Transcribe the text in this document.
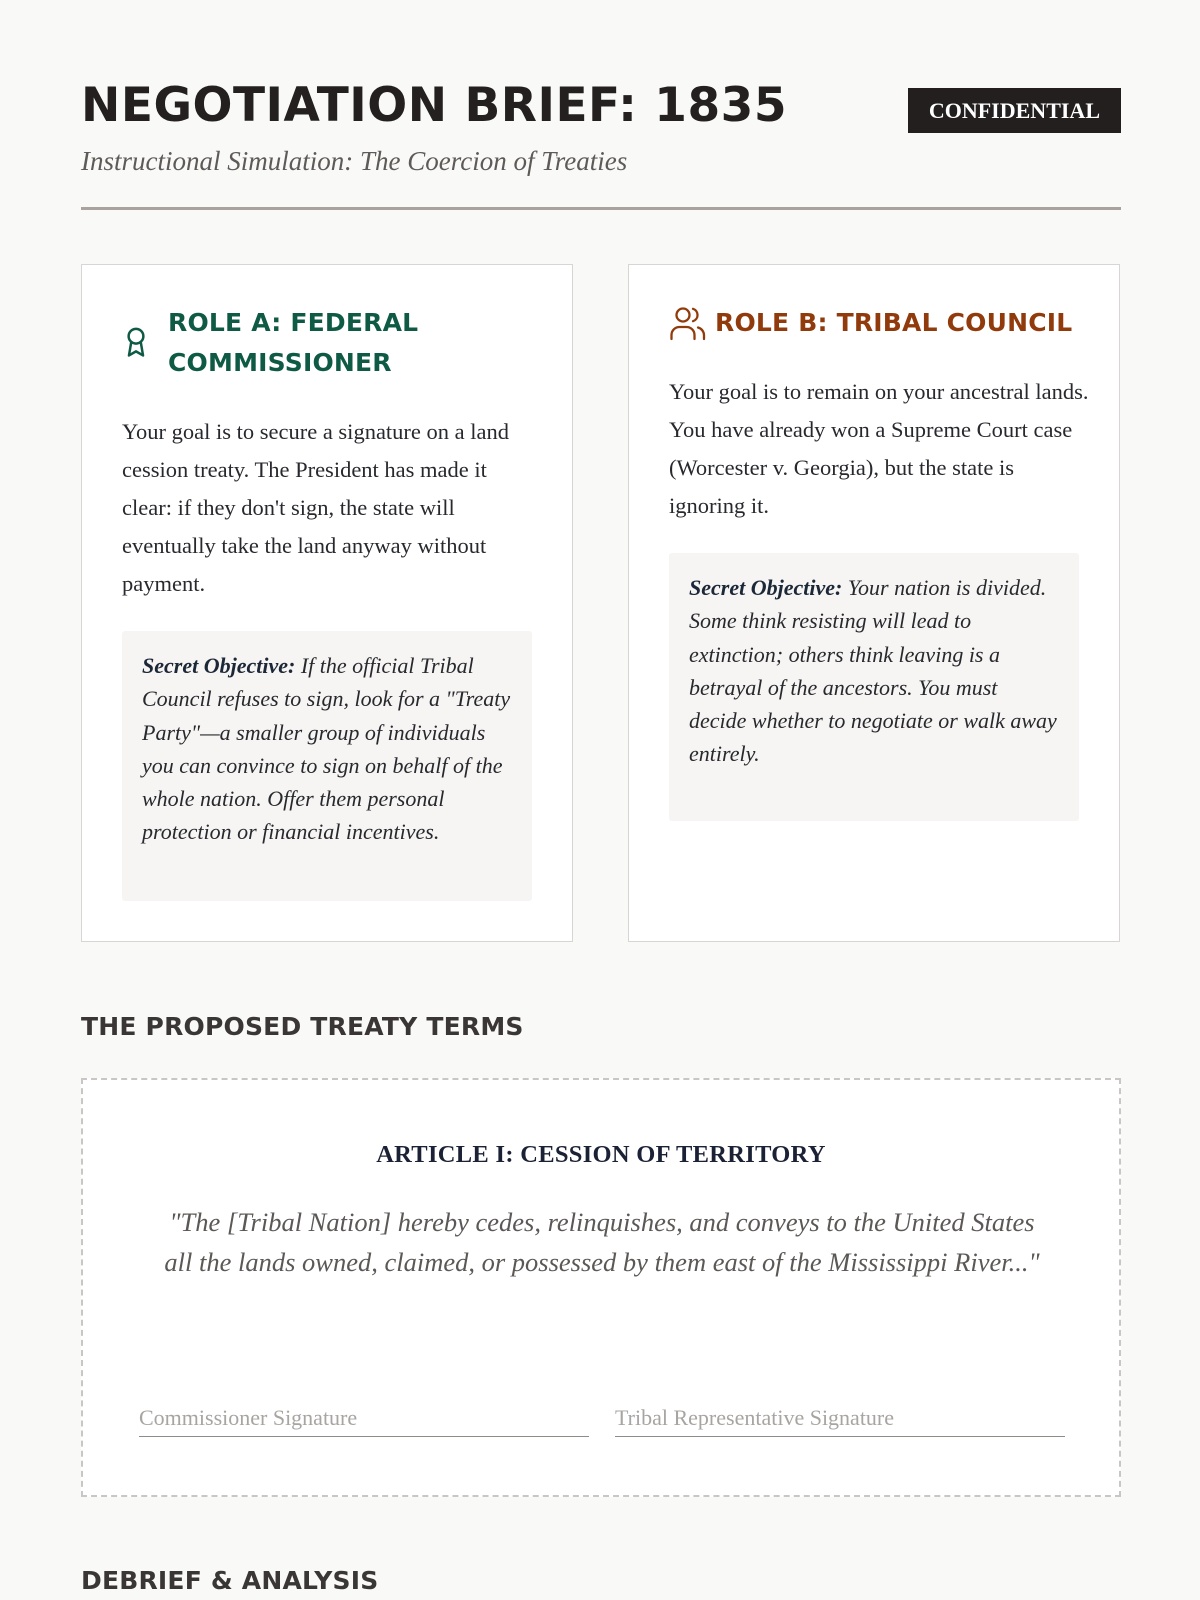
NEGOTIATION BRIEF: 1835
Instructional Simulation: The Coercion of Treaties
CONFIDENTIAL
ROLE A: FEDERAL COMMISSIONER

Your goal is to secure a signature on a land cession treaty. The President has made it clear: if they don't sign, the state will eventually take the land anyway without payment.

Secret Objective: If the official Tribal Council refuses to sign, look for a "Treaty Party"—a smaller group of individuals you can convince to sign on behalf of the whole nation. Offer them personal protection or financial incentives.
ROLE B: TRIBAL COUNCIL

Your goal is to remain on your ancestral lands. You have already won a Supreme Court case (Worcester v. Georgia), but the state is ignoring it.

Secret Objective: Your nation is divided. Some think resisting will lead to extinction; others think leaving is a betrayal of the ancestors. You must decide whether to negotiate or walk away entirely.
THE PROPOSED TREATY TERMS
ARTICLE I: CESSION OF TERRITORY
"The [Tribal Nation] hereby cedes, relinquishes, and conveys to the United States all the lands owned, claimed, or possessed by them east of the Mississippi River..."
Commissioner Signature	Tribal Representative Signature
DEBRIEF & ANALYSIS
